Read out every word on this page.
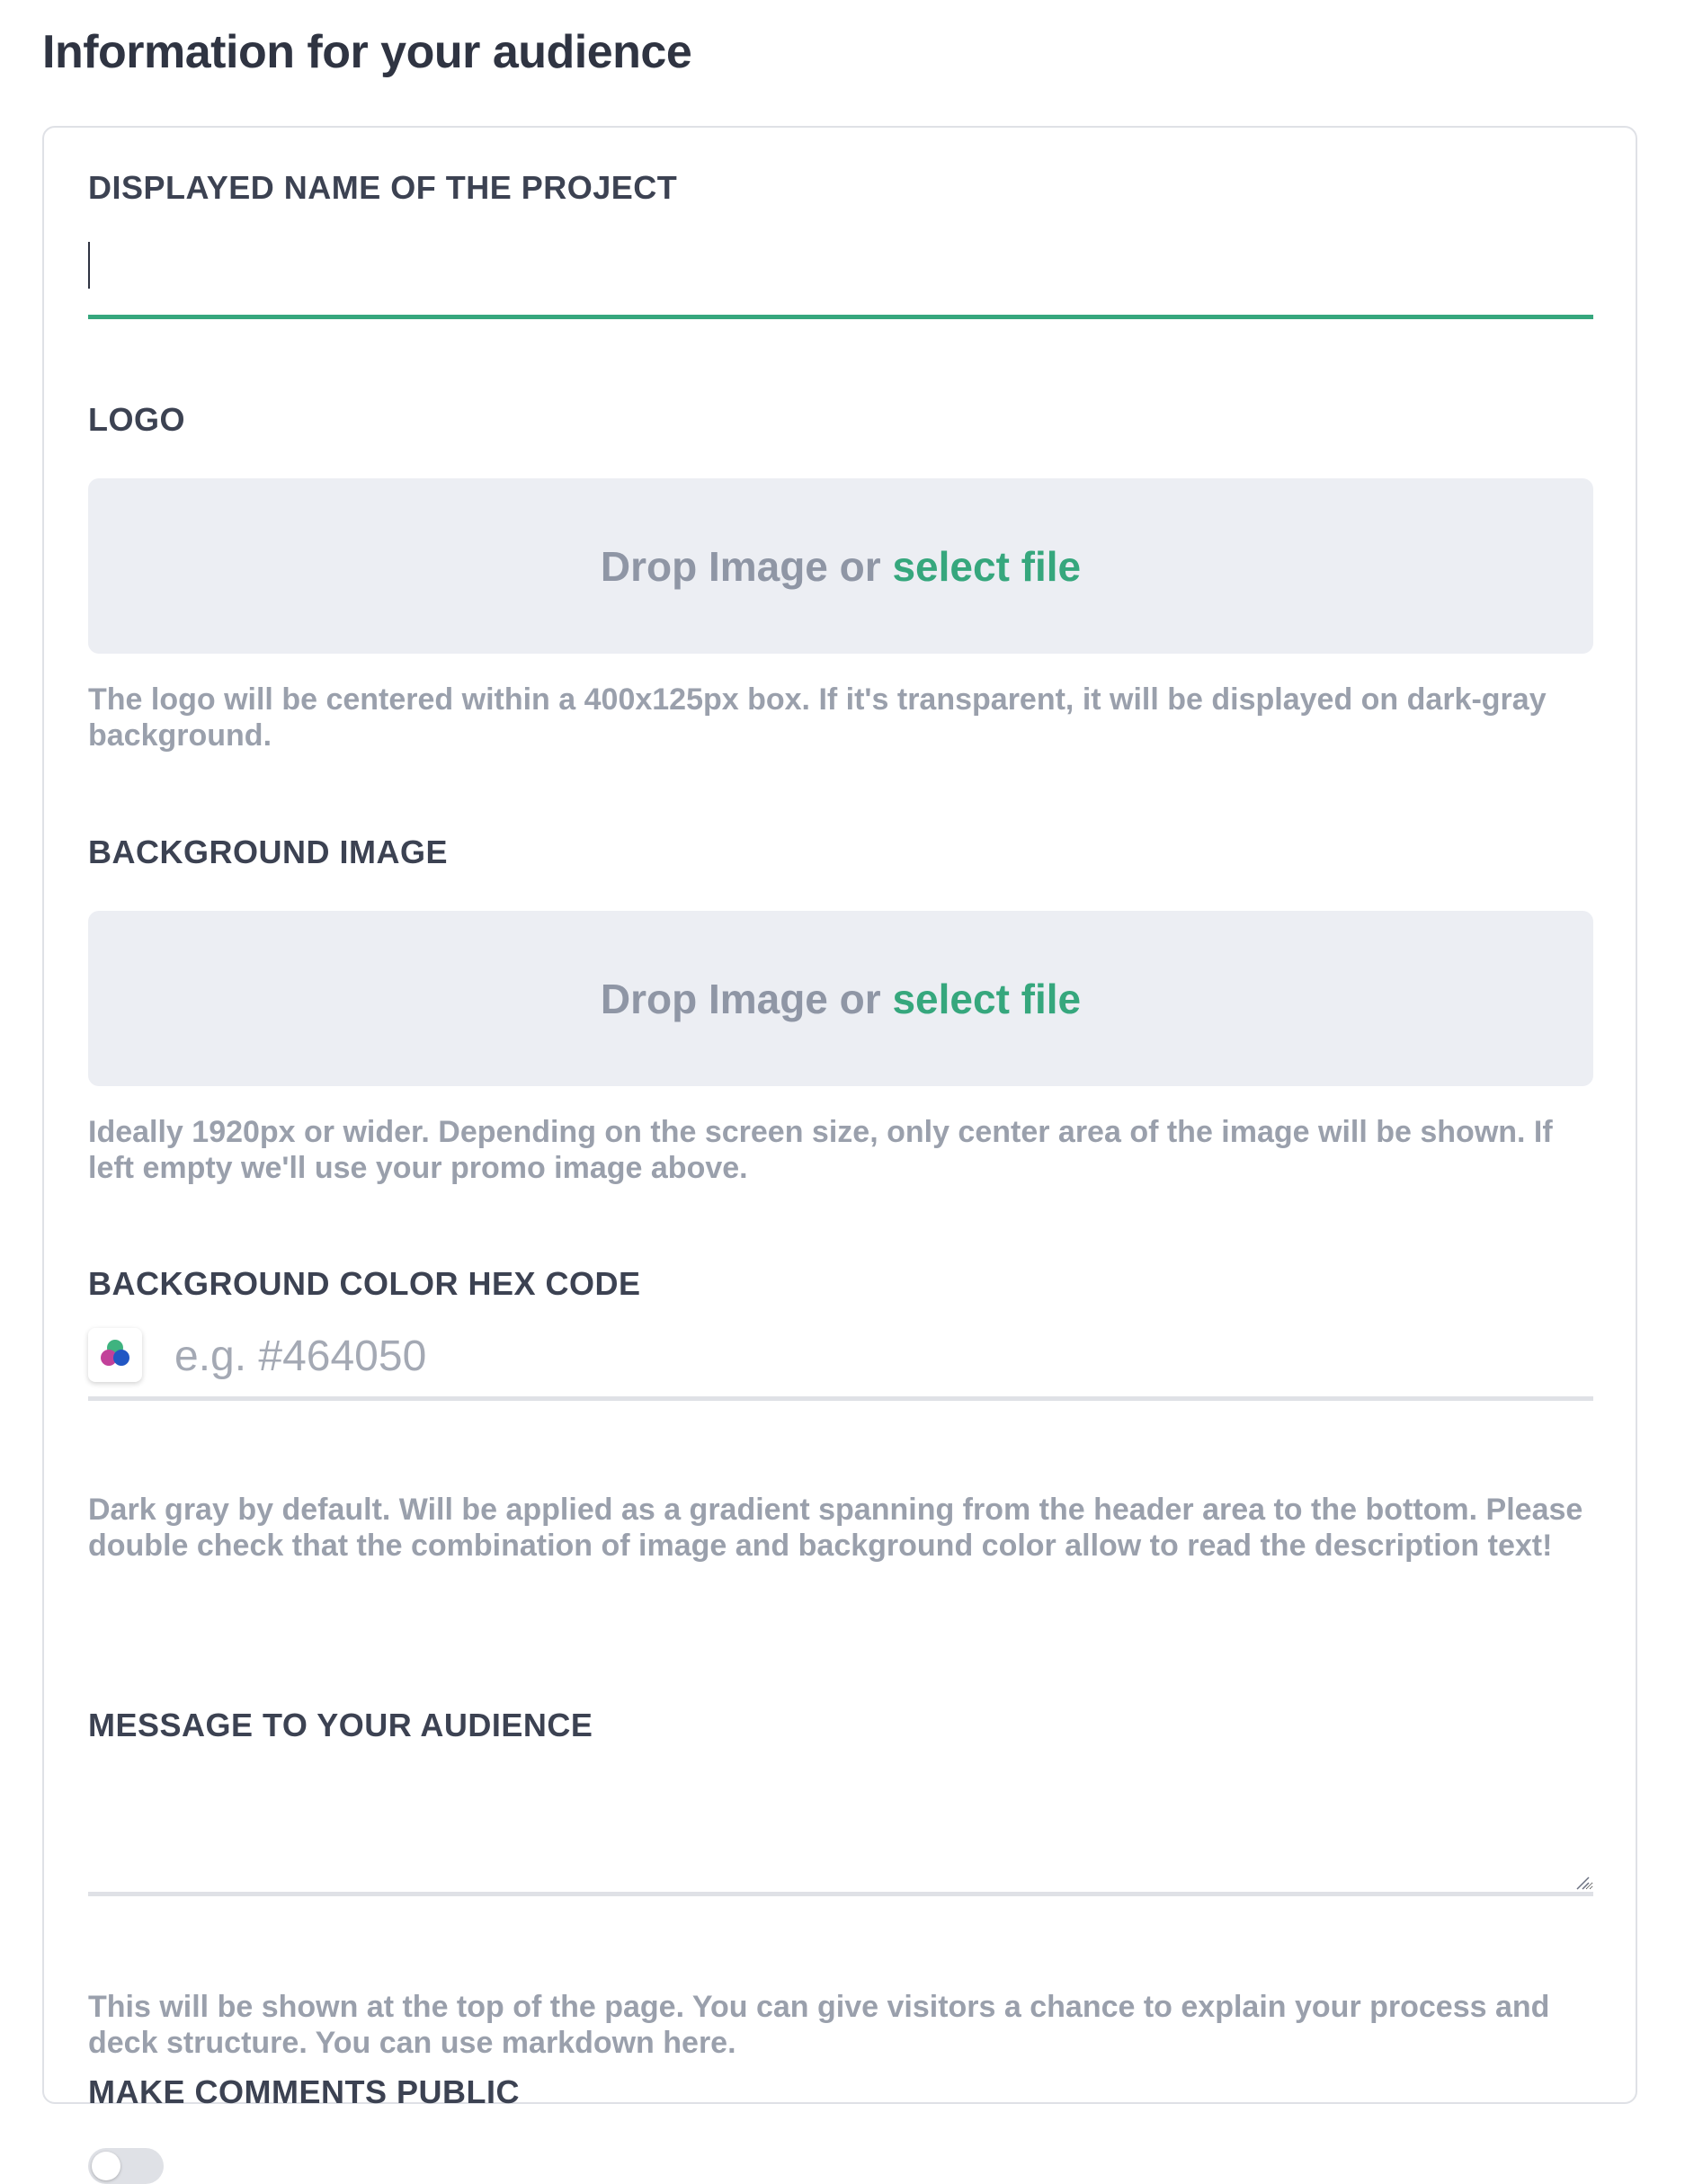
Information for your audience
DISPLAYED NAME OF THE PROJECT
LOGO
Drop Image or select file

The logo will be centered within a 400x125px box. If it's transparent, it will be displayed on dark-gray background.

BACKGROUND IMAGE
Drop Image or select file

Ideally 1920px or wider. Depending on the screen size, only center area of the image will be shown. If left empty we'll use your promo image above.

BACKGROUND COLOR HEX CODE
e.g. #464050

Dark gray by default. Will be applied as a gradient spanning from the header area to the bottom. Please double check that the combination of image and background color allow to read the description text!

MESSAGE TO YOUR AUDIENCE

This will be shown at the top of the page. You can give visitors a chance to explain your process and deck structure. You can use markdown here.

MAKE COMMENTS PUBLIC
